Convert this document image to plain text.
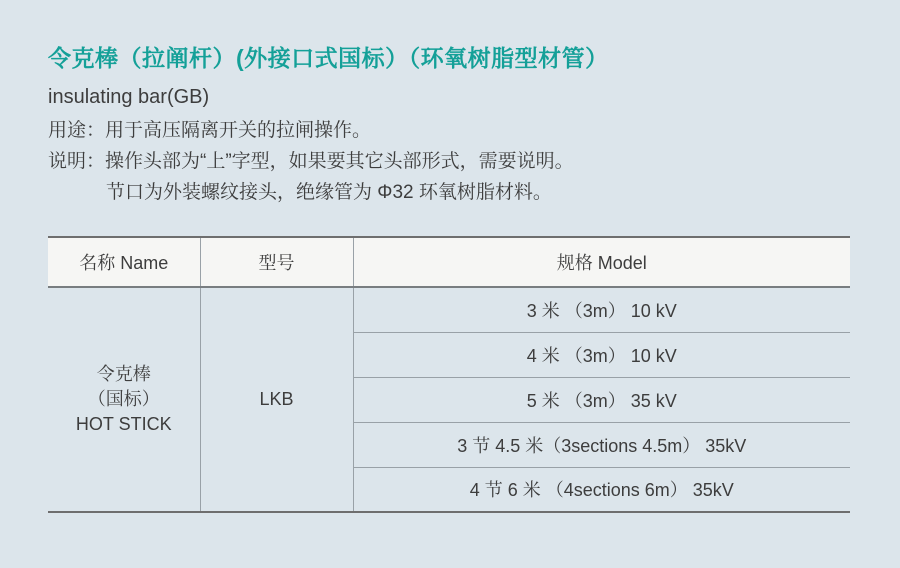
令克棒（拉阐杆）(外接口式国标）（环氧树脂型材管）
insulating bar(GB)
用途：用于高压隔离开关的拉闸操作。
说明：操作头部为“上”字型，如果要其它头部形式，需要说明。
节口为外装螺纹接头，绝缘管为 Φ32 环氧树脂材料。
名称 Name	型号	规格 Model

令克棒
（国标）
HOT STICK	LKB	3 米 （3m） 10 kV
		4 米 （3m） 10 kV
		5 米 （3m） 35 kV
		3 节 4.5 米（3sections 4.5m） 35kV
		4 节 6 米 （4sections 6m） 35kV
